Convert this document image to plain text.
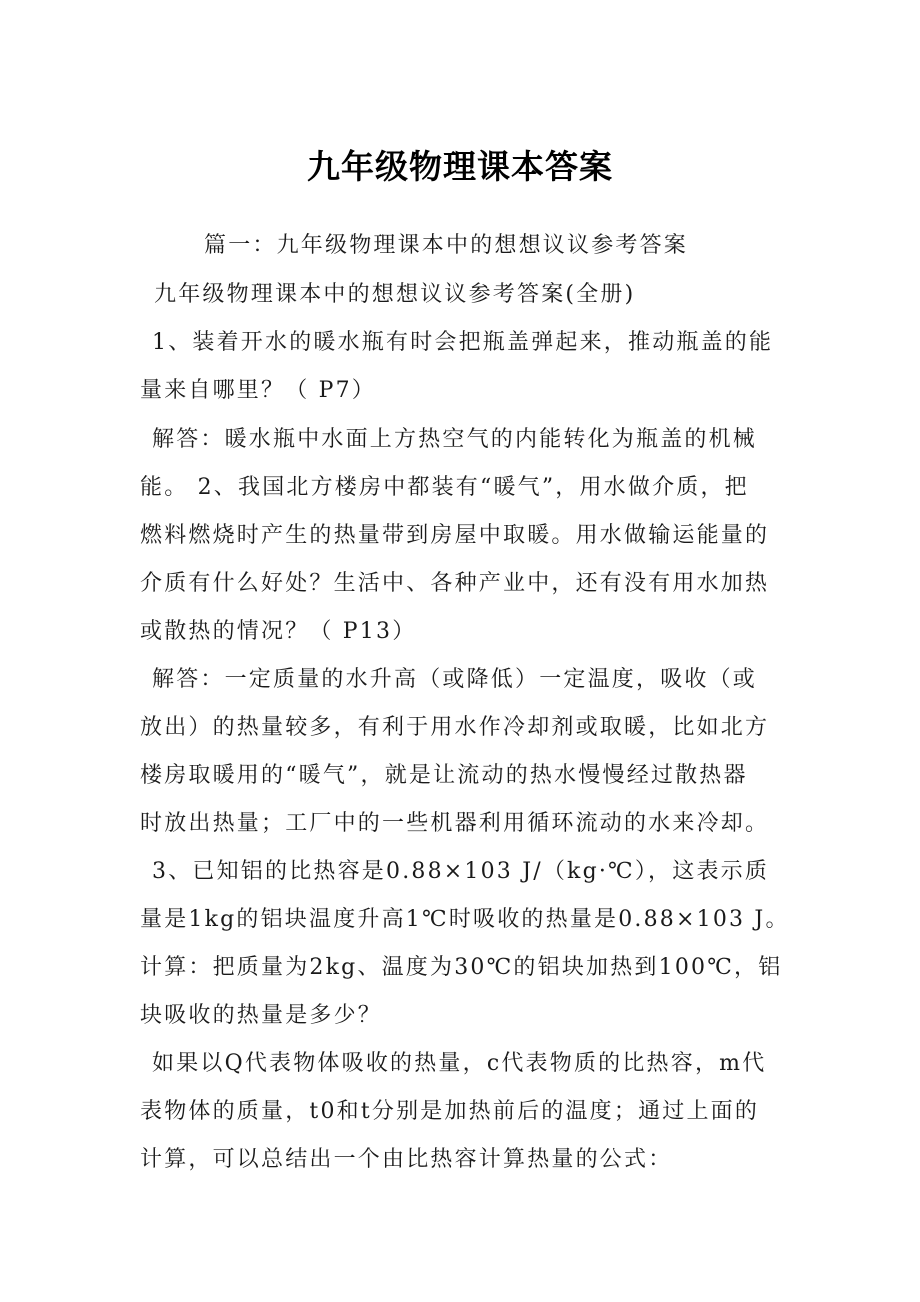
九年级物理课本答案
篇一：九年级物理课本中的想想议议参考答案
九年级物理课本中的想想议议参考答案(全册)
1、装着开水的暖水瓶有时会把瓶盖弹起来，推动瓶盖的能
量来自哪里？（ P7）
解答：暖水瓶中水面上方热空气的内能转化为瓶盖的机械
能。 2、我国北方楼房中都装有“暖气”，用水做介质，把
燃料燃烧时产生的热量带到房屋中取暖。用水做输运能量的
介质有什么好处？生活中、各种产业中，还有没有用水加热
或散热的情况？（ P13）
解答：一定质量的水升高（或降低）一定温度，吸收（或
放出）的热量较多，有利于用水作冷却剂或取暖，比如北方
楼房取暖用的“暖气”，就是让流动的热水慢慢经过散热器
时放出热量；工厂中的一些机器利用循环流动的水来冷却。
3、已知铝的比热容是0.88×103 J/（kg·℃），这表示质
量是1kg的铝块温度升高1℃时吸收的热量是0.88×103 J。
计算：把质量为2kg、温度为30℃的铝块加热到100℃，铝
块吸收的热量是多少？
如果以Q代表物体吸收的热量，c代表物质的比热容，m代
表物体的质量，t0和t分别是加热前后的温度；通过上面的
计算，可以总结出一个由比热容计算热量的公式：
